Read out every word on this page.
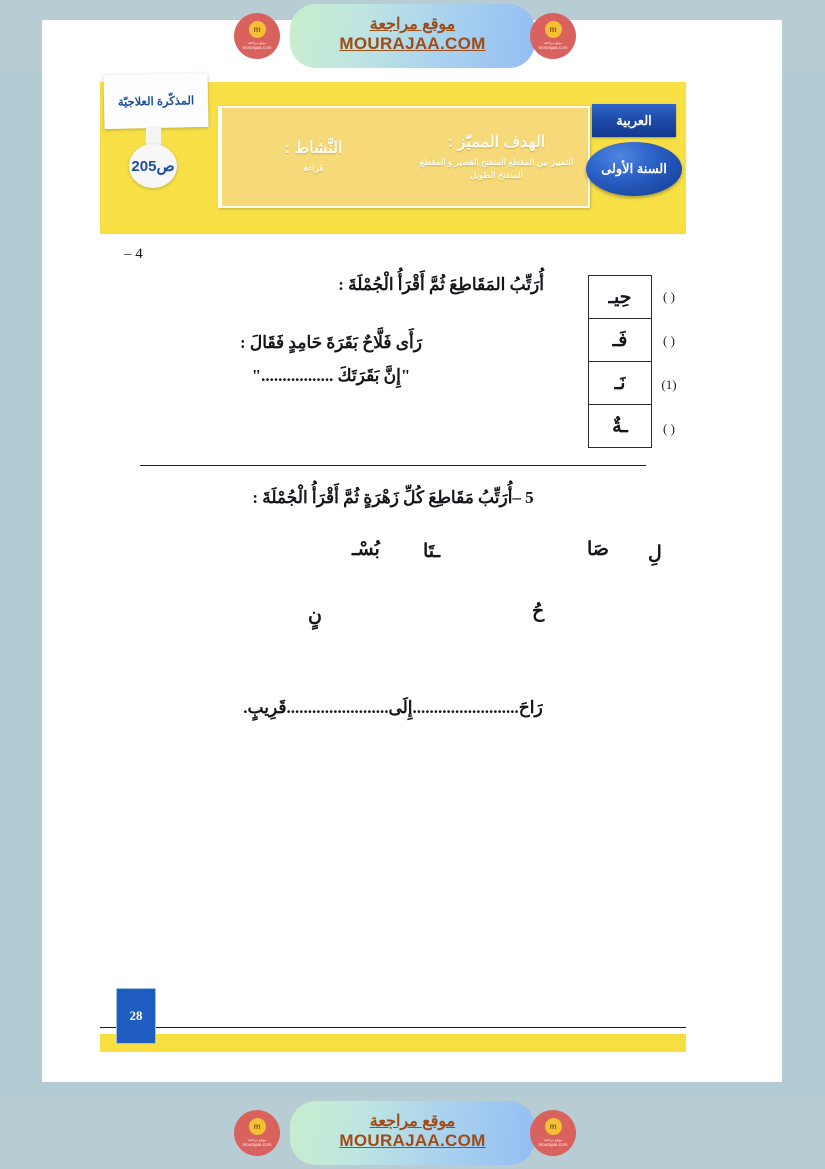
m
موقع مراجعة
mourajaa.com
موقع مراجعة
MOURAJAA.COM
m
موقع مراجعة
mourajaa.com
المذكّرة العلاجيّة
ص205
النَّشاط :
قراءة
الهدف المميّز :
التمييز بين المقطع المنفتح القصير و المقطع المنفتح الطويل
العربية
السنة الأولى
4 –
( )
( )
(1)
( )
حِيـ
فَـ
نَـ
ـةٌ
أُرَتِّبُ المَقَاطِعَ ثُمَّ أَقْرَأُ الْجُمْلَةَ :
رَأَى فَلَّاحٌ بَقَرَةَ حَامِدٍ فَقَالَ :
"إِنَّ بَقَرَتَكَ ................."
5 –أُرَتِّبُ مَقَاطِعَ كُلِّ زَهْرَةٍ ثُمَّ أَقْرَأُ الْجُمْلَةَ :
لِ
صَا
ـتَا
بُسْـ
حُ
نٍ
رَاحَ.........................إِلَى........................قَرِيبٍ.
28
m
موقع مراجعة
mourajaa.com
موقع مراجعة
MOURAJAA.COM
m
موقع مراجعة
mourajaa.com
